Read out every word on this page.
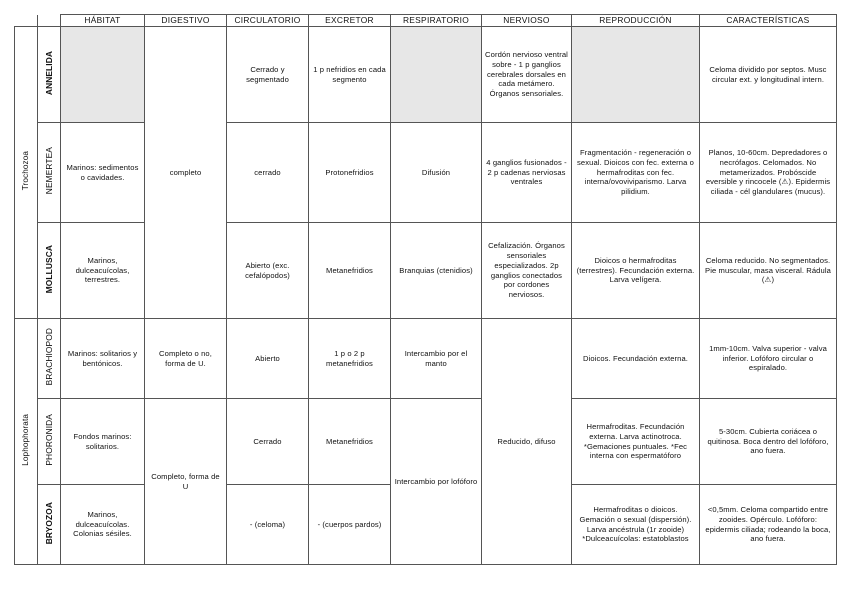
		HÁBITAT	DIGESTIVO	CIRCULATORIO	EXCRETOR	RESPIRATORIO	NERVIOSO	REPRODUCCIÓN	CARACTERÍSTICAS
Trochozoa	ANNELIDA		completo	Cerrado y segmentado	1 p nefridios en cada segmento		Cordón nervioso ventral sobre - 1 p ganglios cerebrales dorsales en cada metámero. Órganos sensoriales.		Celoma dividido por septos. Musc circular ext. y longitudinal intern.
	NEMERTEA	Marinos: sedimentos o cavidades.		cerrado	Protonefridios	Difusión	4 ganglios fusionados - 2 p cadenas nerviosas ventrales	Fragmentación - regeneración o sexual. Dioicos con fec. externa o hermafroditas con fec. interna/ovoviviparismo. Larva pilidium.	Planos, 10-60cm. Depredadores o necrófagos. Celomados. No metamerizados. Probóscide eversible y rincocele (⚠). Epidermis ciliada - cél glandulares (mucus).
	MOLLUSCA	Marinos, dulceacuícolas, terrestres.		Abierto (exc. cefalópodos)	Metanefridios	Branquias (ctenidios)	Cefalización. Órganos sensoriales especializados. 2p ganglios conectados por cordones nerviosos.	Dioicos o hermafroditas (terrestres). Fecundación externa. Larva velígera.	Celoma reducido. No segmentados. Pie muscular, masa visceral. Rádula (⚠)
Lophophorata	BRACHIOPOD	Marinos: solitarios y bentónicos.	Completo o no, forma de U.	Abierto	1 p o 2 p metanefridios	Intercambio por el manto	Reducido, difuso	Dioicos. Fecundación externa.	1mm-10cm. Valva superior - valva inferior. Lofóforo circular o espiralado.
	PHORONIDA	Fondos marinos: solitarios.	Completo, forma de U	Cerrado	Metanefridios	Intercambio por lofóforo		Hermafroditas. Fecundación externa. Larva actinotroca. *Gemaciones puntuales. *Fec interna con espermatóforo	5-30cm. Cubierta coriácea o quitinosa. Boca dentro del lofóforo, ano fuera.
	BRYOZOA	Marinos, dulceacuícolas. Colonias sésiles.		- (celoma)	- (cuerpos pardos)			Hermafroditas o dioicos. Gemación o sexual (dispersión). Larva ancéstrula (1r zooide) *Dulceacuícolas: estatoblastos	<0,5mm. Celoma compartido entre zooides. Opérculo. Lofóforo: epidermis ciliada; rodeando la boca, ano fuera.
